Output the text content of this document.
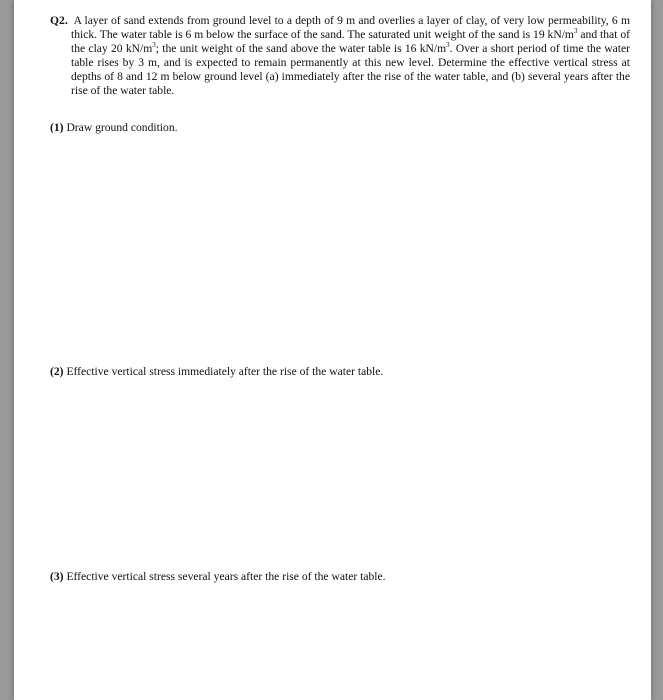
Q2. A layer of sand extends from ground level to a depth of 9 m and overlies a layer of clay, of very low permeability, 6 m thick. The water table is 6 m below the surface of the sand. The saturated unit weight of the sand is 19 $kN/m^3$ and that of the clay 20 $kN/m^3$; the unit weight of the sand above the water table is 16 $kN/m^3$. Over a short period of time the water table rises by 3 m, and is expected to remain permanently at this new level. Determine the effective vertical stress at depths of 8 and 12 m below ground level (a) immediately after the rise of the water table, and (b) several years after the rise of the water table.
(1) Draw ground condition.
(2) Effective vertical stress immediately after the rise of the water table.
(3) Effective vertical stress several years after the rise of the water table.
